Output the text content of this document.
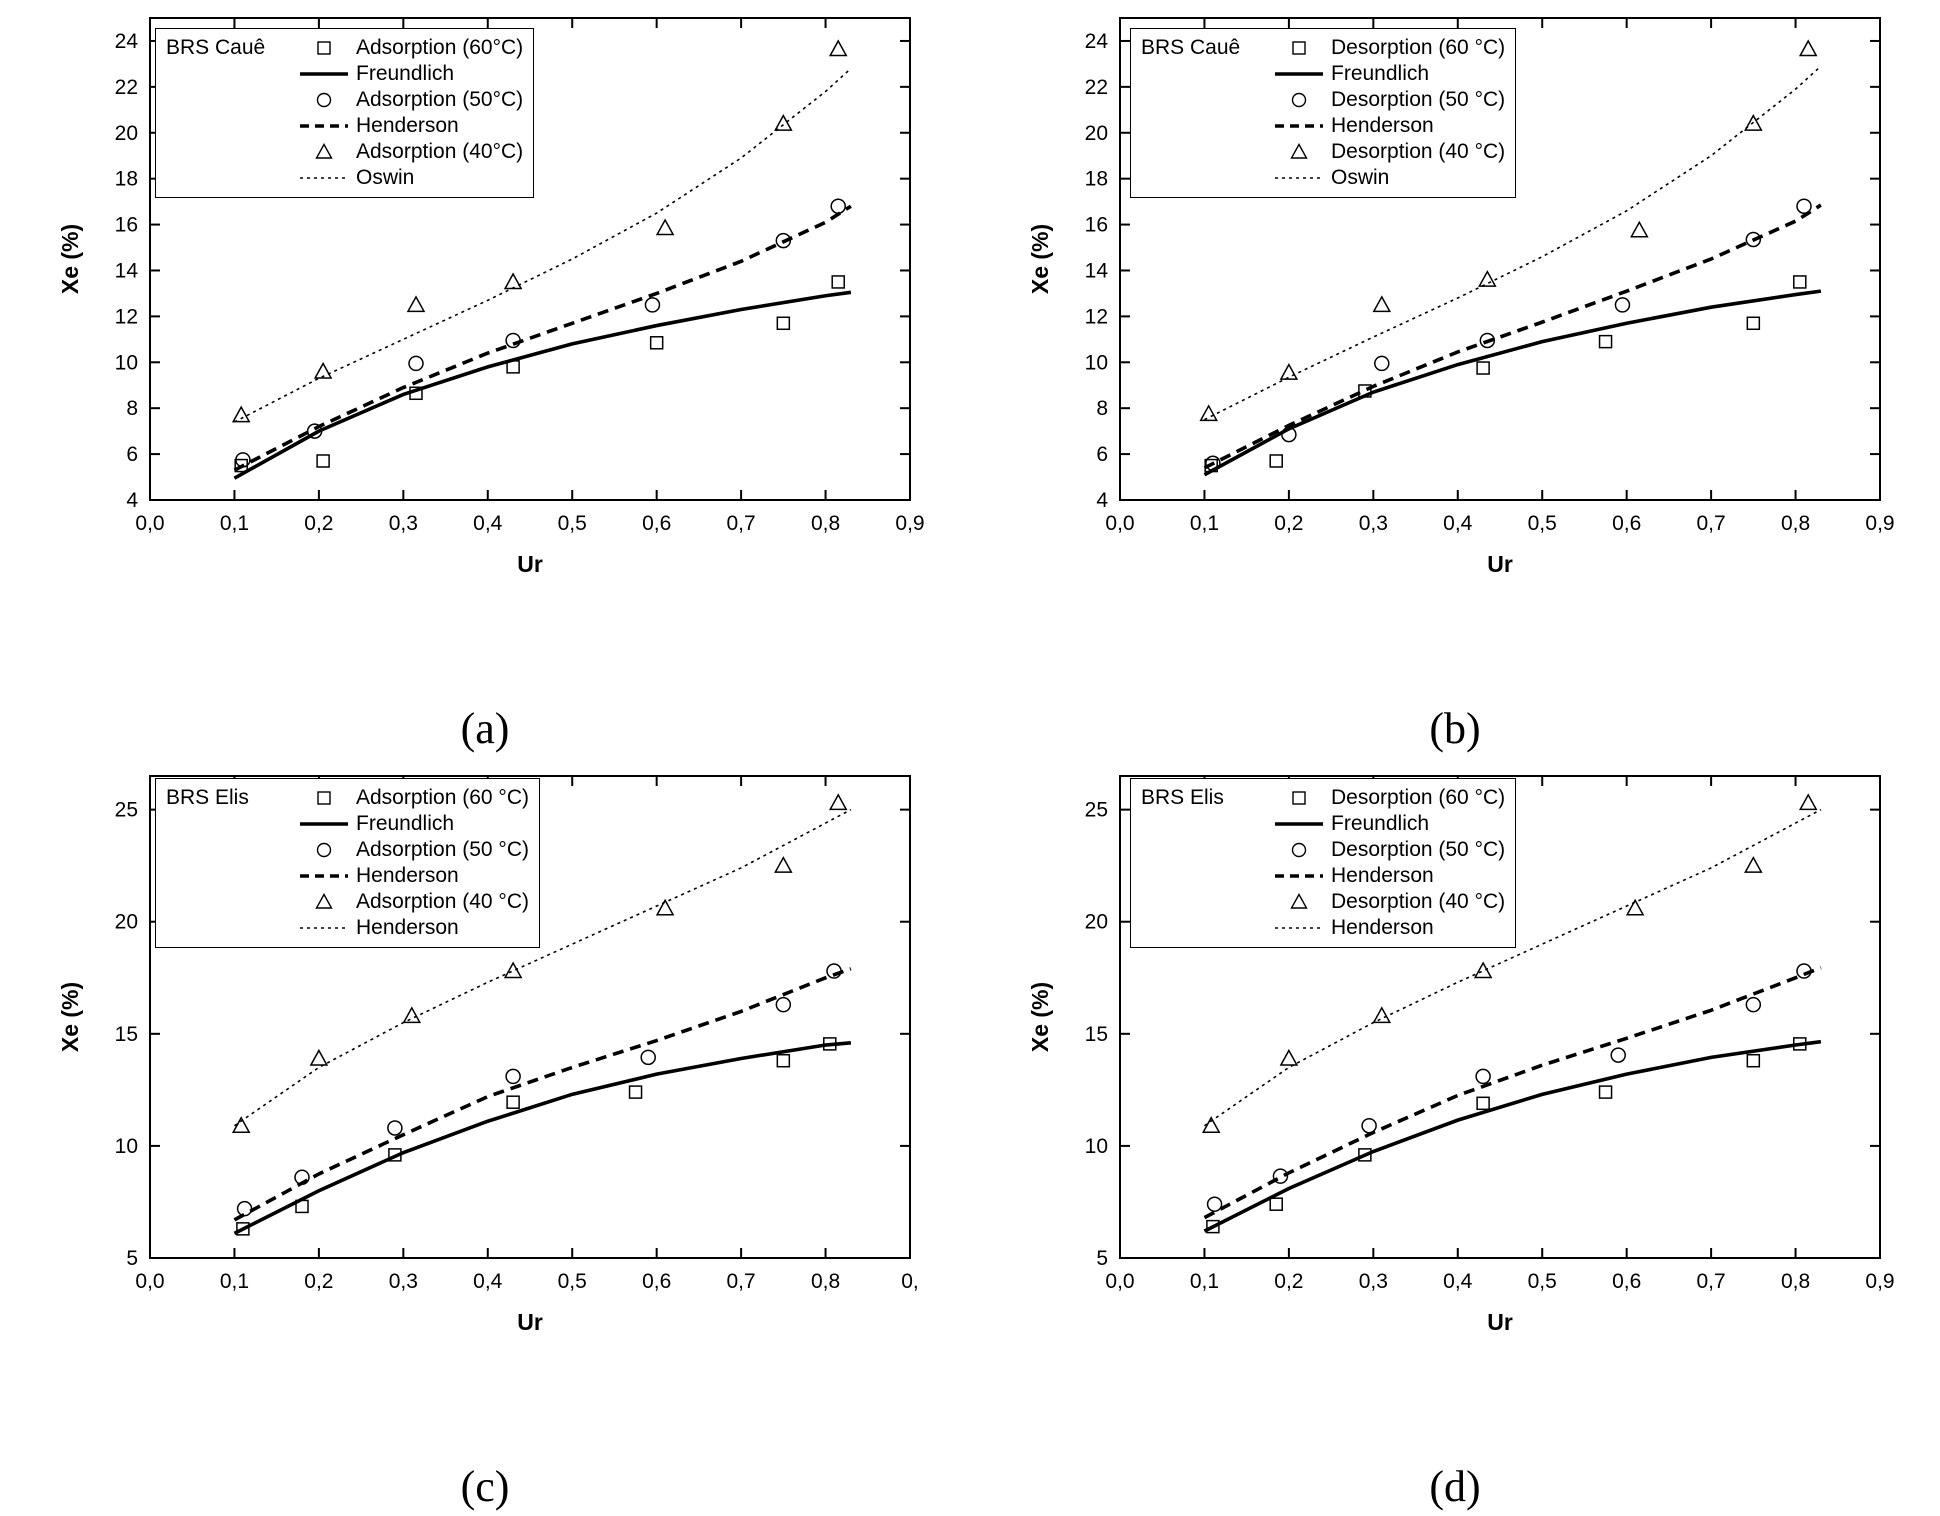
0,0	0,1	0,2	0,3	0,4	0,5	0,6	0,7	0,8	0,9
4
6
8
10
12
14
16
18
20
22
24
Ur
Xe (%)
BRS Cauê	Adsorption (60°C)
Freundlich
Adsorption (50°C)
Henderson
Adsorption (40°C)
Oswin
(a)
0,0	0,1	0,2	0,3	0,4	0,5	0,6	0,7	0,8	0,9
4
6
8
10
12
14
16
18
20
22
24
Ur
Xe (%)
BRS Cauê	Desorption (60 °C)
Freundlich
Desorption (50 °C)
Henderson
Desorption (40 °C)
Oswin
(b)
0,0	0,1	0,2	0,3	0,4	0,5	0,6	0,7	0,8	0,
5
10
15
20
25
Ur
Xe (%)
BRS Elis	Adsorption (60 °C)
Freundlich
Adsorption (50 °C)
Henderson
Adsorption (40 °C)
Henderson
(c)
0,0	0,1	0,2	0,3	0,4	0,5	0,6	0,7	0,8	0,9
5
10
15
20
25
Ur
Xe (%)
BRS Elis	Desorption (60 °C)
Freundlich
Desorption (50 °C)
Henderson
Desorption (40 °C)
Henderson
(d)
